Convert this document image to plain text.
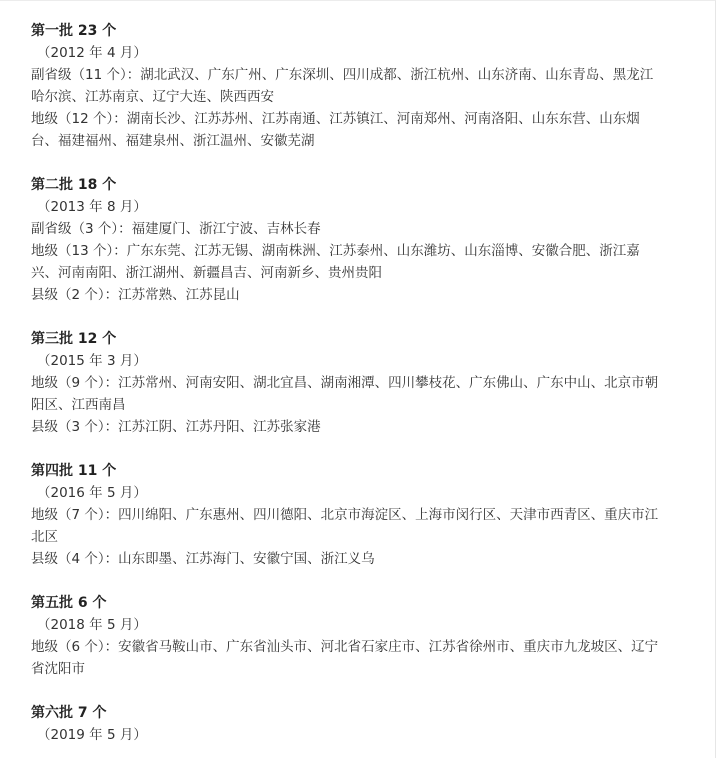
第一批 23 个

（2012 年 4 月）

副省级（11 个）：湖北武汉、广东广州、广东深圳、四川成都、浙江杭州、山东济南、山东青岛、黑龙江哈尔滨、江苏南京、辽宁大连、陕西西安

地级（12 个）：湖南长沙、江苏苏州、江苏南通、江苏镇江、河南郑州、河南洛阳、山东东营、山东烟台、福建福州、福建泉州、浙江温州、安徽芜湖

第二批 18 个

（2013 年 8 月）

副省级（3 个）：福建厦门、浙江宁波、吉林长春

地级（13 个）：广东东莞、江苏无锡、湖南株洲、江苏泰州、山东潍坊、山东淄博、安徽合肥、浙江嘉兴、河南南阳、浙江湖州、新疆昌吉、河南新乡、贵州贵阳

县级（2 个）：江苏常熟、江苏昆山

第三批 12 个

（2015 年 3 月）

地级（9 个）：江苏常州、河南安阳、湖北宜昌、湖南湘潭、四川攀枝花、广东佛山、广东中山、北京市朝阳区、江西南昌

县级（3 个）：江苏江阴、江苏丹阳、江苏张家港

第四批 11 个

（2016 年 5 月）

地级（7 个）：四川绵阳、广东惠州、四川德阳、北京市海淀区、上海市闵行区、天津市西青区、重庆市江北区

县级（4 个）：山东即墨、江苏海门、安徽宁国、浙江义乌

第五批 6 个

（2018 年 5 月）

地级（6 个）：安徽省马鞍山市、广东省汕头市、河北省石家庄市、江苏省徐州市、重庆市九龙坡区、辽宁省沈阳市

第六批 7 个

（2019 年 5 月）
